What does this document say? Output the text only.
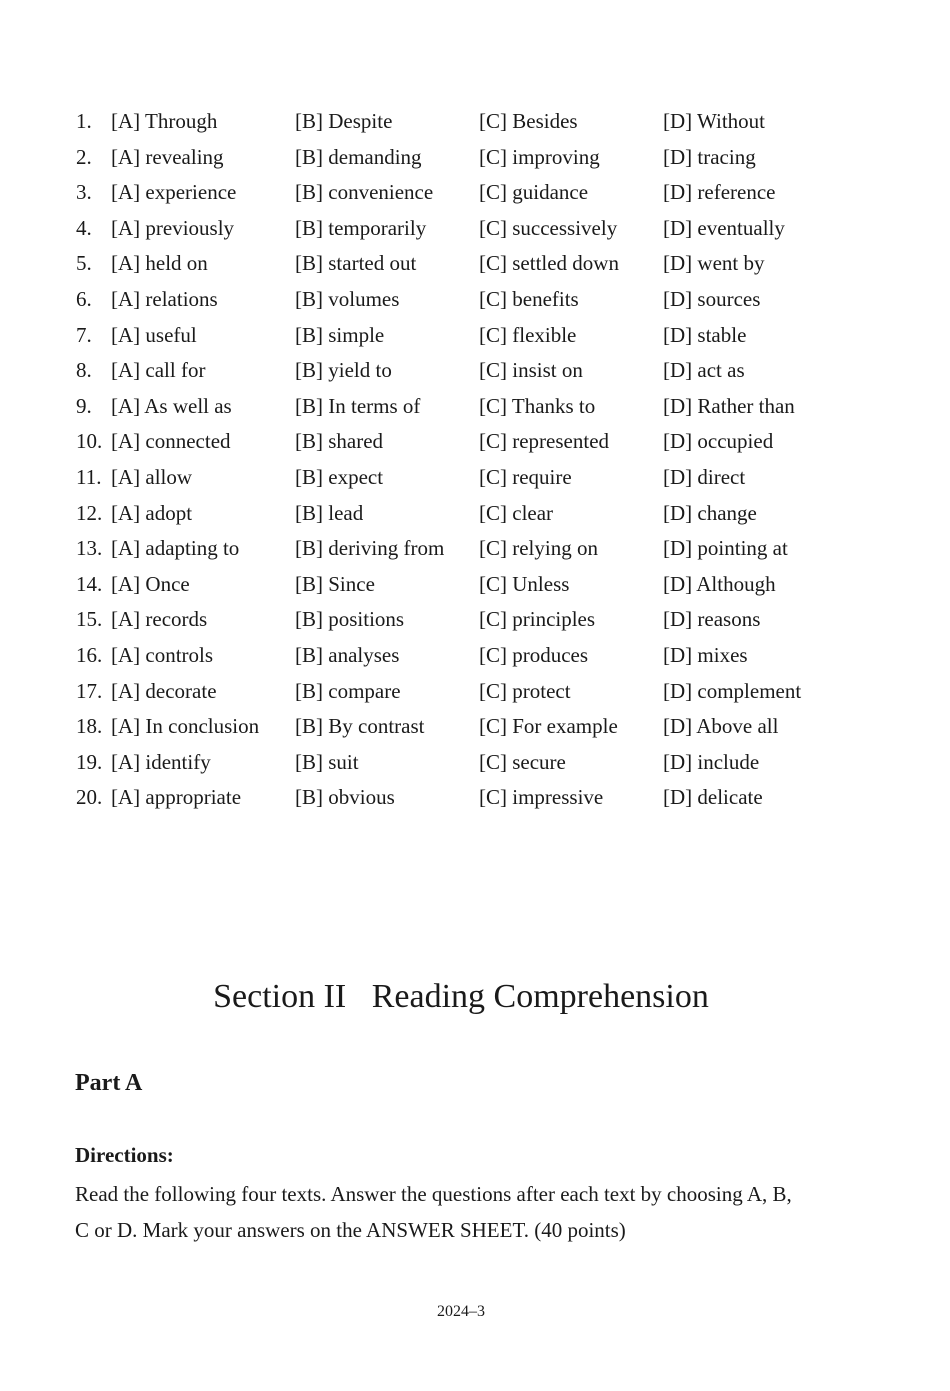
1. [A] Through	[B] Despite	[C] Besides	[D] Without
2. [A] revealing	[B] demanding	[C] improving	[D] tracing
3. [A] experience	[B] convenience [C] guidance	[D] reference
4. [A] previously	[B] temporarily	[C] successively [D] eventually
5. [A] held on	[B] started out	[C] settled down [D] went by
6. [A] relations	[B] volumes	[C] benefits	[D] sources
7. [A] useful	[B] simple	[C] flexible	[D] stable
8. [A] call for	[B] yield to	[C] insist on	[D] act as
9. [A] As well as	[B] In terms of	[C] Thanks to	[D] Rather than
10. [A] connected	[B] shared	[C] represented	[D] occupied
11. [A] allow	[B] expect	[C] require	[D] direct
12. [A] adopt	[B] lead	[C] clear	[D] change
13. [A] adapting to	[B] deriving from [C] relying on	[D] pointing at
14. [A] Once	[B] Since	[C] Unless	[D] Although
15. [A] records	[B] positions	[C] principles	[D] reasons
16. [A] controls	[B] analyses	[C] produces	[D] mixes
17. [A] decorate	[B] compare	[C] protect	[D] complement
18. [A] In conclusion [B] By contrast	[C] For example [D] Above all
19. [A] identify	[B] suit	[C] secure	[D] include
20. [A] appropriate	[B] obvious	[C] impressive	[D] delicate
Section II   Reading Comprehension
Part A
Directions:
Read the following four texts. Answer the questions after each text by choosing A, B,
C or D. Mark your answers on the ANSWER SHEET. (40 points)
2024–3
